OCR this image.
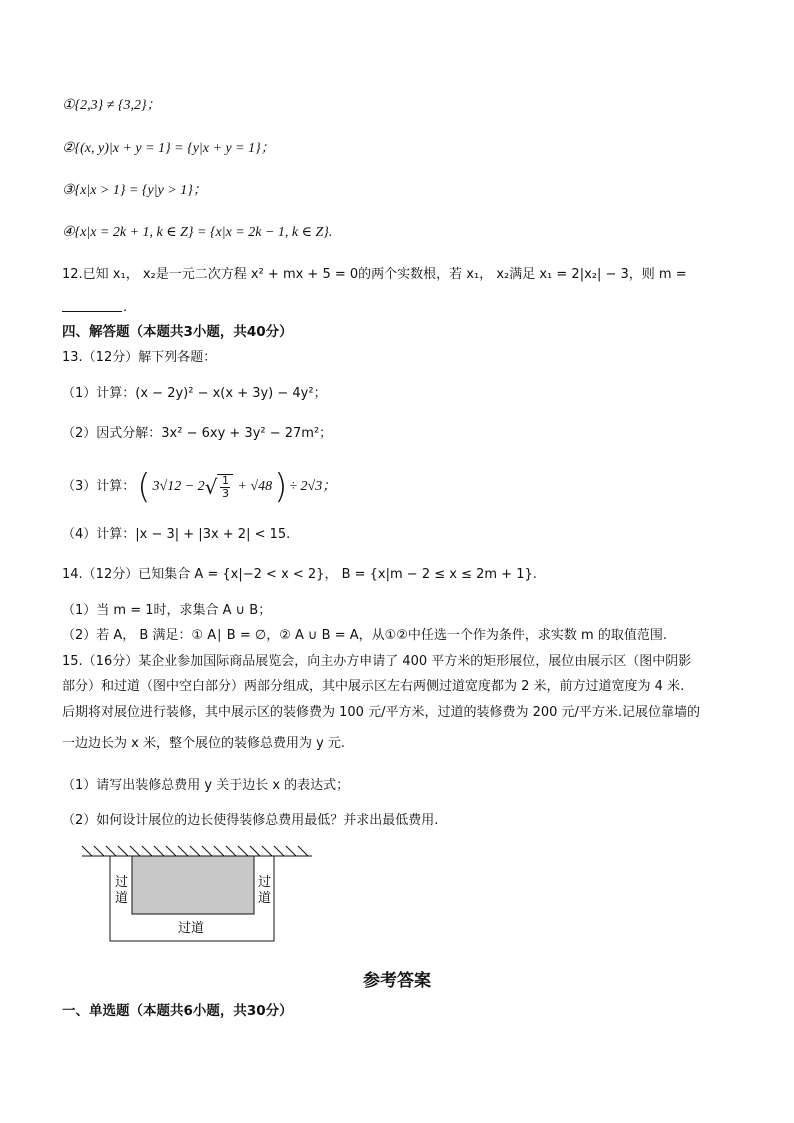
①{2,3} ≠ {3,2}；
②{(x, y)|x + y = 1} = {y|x + y = 1}；
③{x|x > 1} = {y|y > 1}；
④{x|x = 2k + 1, k ∈ Z} = {x|x = 2k − 1, k ∈ Z}.
12.已知 x₁， x₂是一元二次方程 x² + mx + 5 = 0的两个实数根，若 x₁， x₂满足 x₁ = 2|x₂| − 3，则 m =
.
四、解答题（本题共3小题，共40分）
13.（12分）解下列各题：
（1）计算：(x − 2y)² − x(x + 3y) − 4y²；
（2）因式分解：3x² − 6xy + 3y² − 27m²；
（3）计算： ( 3√12 − 2 √ $\frac{1}{3} + √48$ ) ÷ 2√3；
（4）计算：|x − 3| + |3x + 2| < 15.
14.（12分）已知集合 A = {x|−2 < x < 2}， B = {x|m − 2 ≤ x ≤ 2m + 1}.
（1）当 m = 1时，求集合 A ∪ B；
（2）若 A， B 满足：① A∣ B = ∅，② A ∪ B = A，从①②中任选一个作为条件，求实数 m 的取值范围.
15.（16分）某企业参加国际商品展览会，向主办方申请了 400 平方米的矩形展位，展位由展示区（图中阴影
部分）和过道（图中空白部分）两部分组成，其中展示区左右两侧过道宽度都为 2 米，前方过道宽度为 4 米.
后期将对展位进行装修，其中展示区的装修费为 100 元/平方米，过道的装修费为 200 元/平方米.记展位靠墙的
一边边长为 x 米，整个展位的装修总费用为 y 元.
（1）请写出装修总费用 y 关于边长 x 的表达式；
（2）如何设计展位的边长使得装修总费用最低？并求出最低费用.
过
道
过
道
过道
参考答案
一、单选题（本题共6小题，共30分）
